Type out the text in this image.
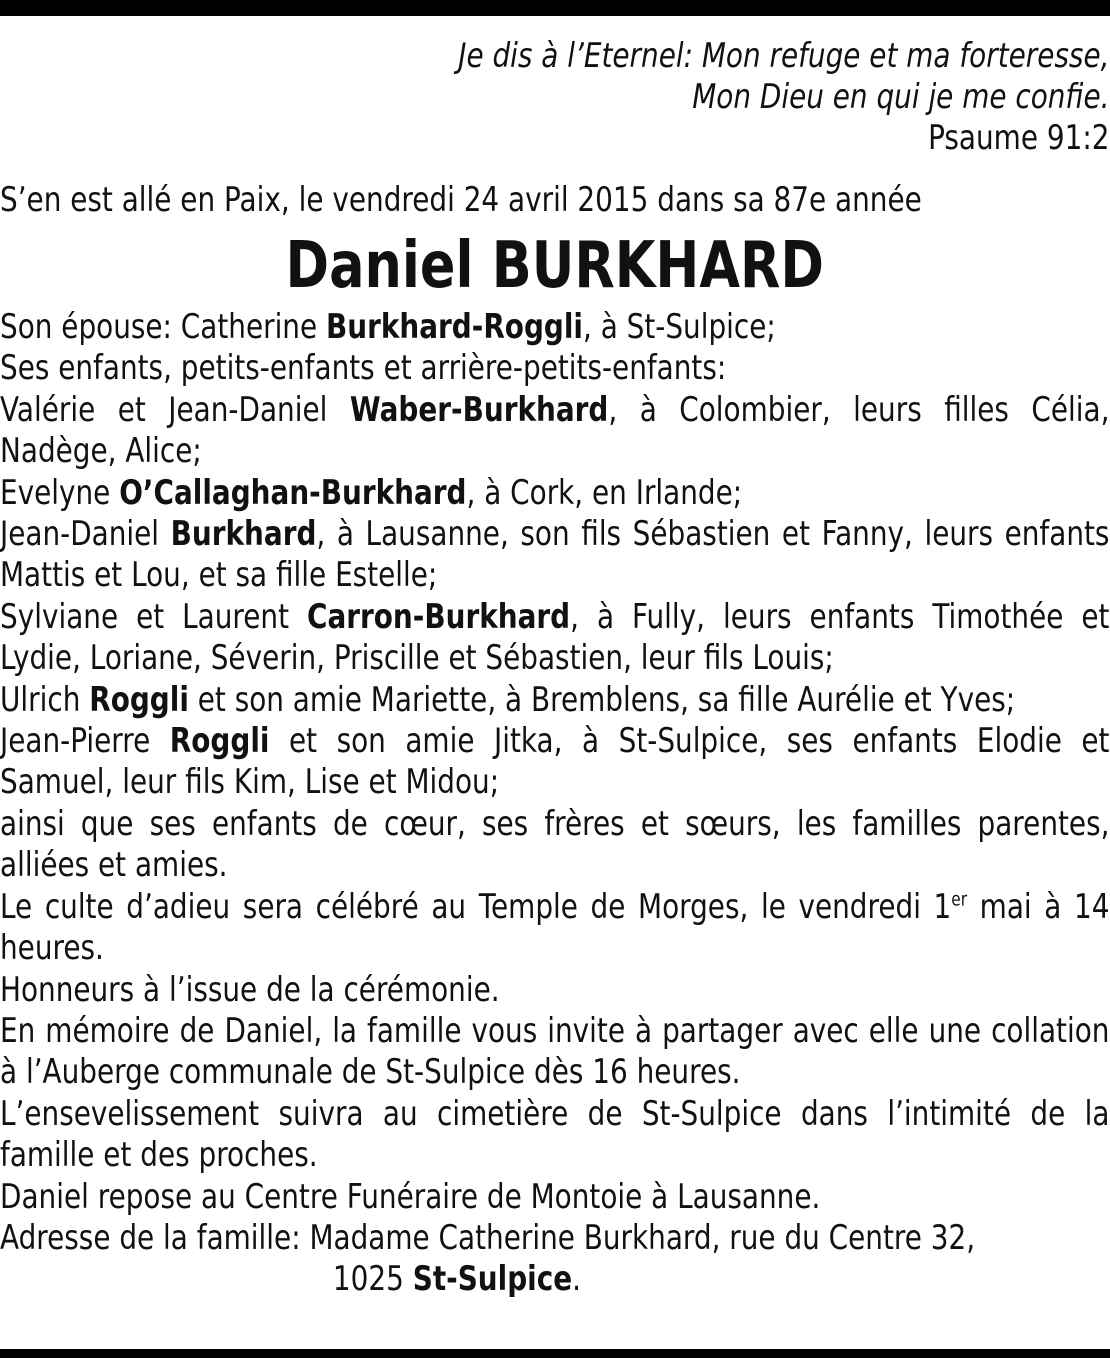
Je dis à l’Eternel: Mon refuge et ma forteresse,
Mon Dieu en qui je me confie.
Psaume 91:2
S’en est allé en Paix, le vendredi 24 avril 2015 dans sa 87e année
Daniel BURKHARD
Son épouse: Catherine Burkhard-Roggli, à St-Sulpice;
Ses enfants, petits-enfants et arrière-petits-enfants:
Valérie et Jean-Daniel Waber-Burkhard, à Colombier, leurs filles Célia, Nadège, Alice;
Evelyne O’Callaghan-Burkhard, à Cork, en Irlande;
Jean-Daniel Burkhard, à Lausanne, son fils Sébastien et Fanny, leurs enfants Mattis et Lou, et sa fille Estelle;
Sylviane et Laurent Carron-Burkhard, à Fully, leurs enfants Timothée et Lydie, Loriane, Séverin, Priscille et Sébastien, leur fils Louis;
Ulrich Roggli et son amie Mariette, à Bremblens, sa fille Aurélie et Yves;
Jean-Pierre Roggli et son amie Jitka, à St-Sulpice, ses enfants Elodie et Samuel, leur fils Kim, Lise et Midou;
ainsi que ses enfants de cœur, ses frères et sœurs, les familles parentes, alliées et amies.
Le culte d’adieu sera célébré au Temple de Morges, le vendredi 1er mai à 14 heures.
Honneurs à l’issue de la cérémonie.
En mémoire de Daniel, la famille vous invite à partager avec elle une collation à l’Auberge communale de St-Sulpice dès 16 heures.
L’ensevelissement suivra au cimetière de St-Sulpice dans l’intimité de la famille et des proches.
Daniel repose au Centre Funéraire de Montoie à Lausanne.
Adresse de la famille: Madame Catherine Burkhard, rue du Centre 32,
1025 St-Sulpice.
